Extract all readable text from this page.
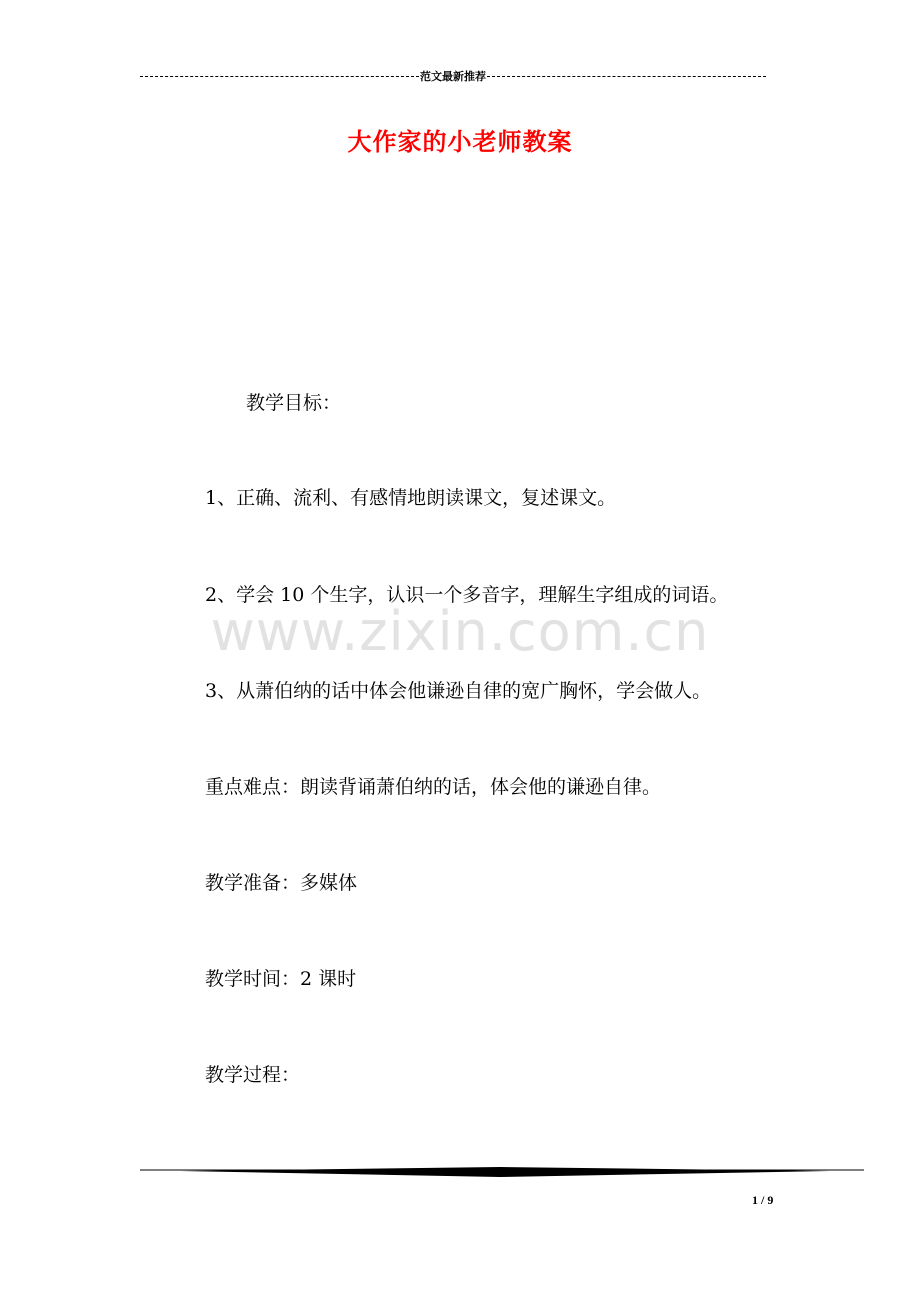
范文最新推荐
大作家的小老师教案
www.zixin.com.cn
教学目标：
1、正确、流利、有感情地朗读课文，复述课文。
2、学会 10 个生字，认识一个多音字，理解生字组成的词语。
3、从萧伯纳的话中体会他谦逊自律的宽广胸怀，学会做人。
重点难点：朗读背诵萧伯纳的话，体会他的谦逊自律。
教学准备：多媒体
教学时间：2 课时
教学过程：
1 / 9
